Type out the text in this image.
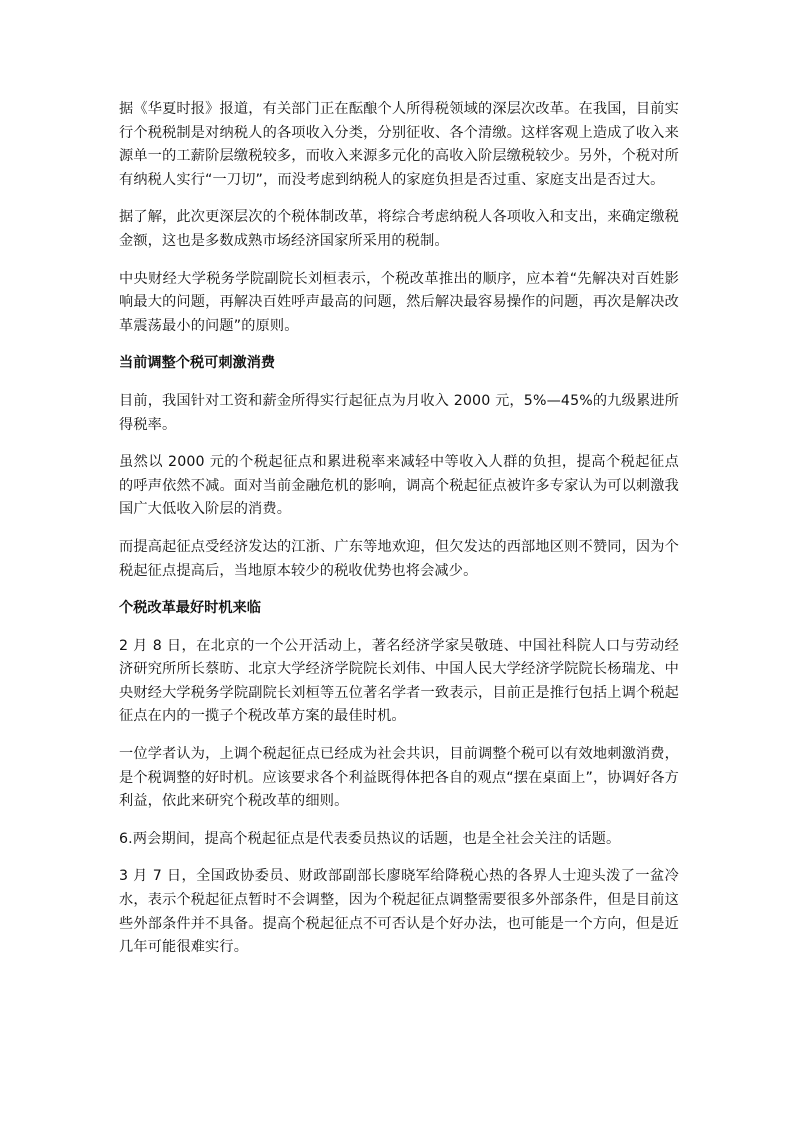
据《华夏时报》报道，有关部门正在酝酿个人所得税领域的深层次改革。在我国，目前实行个税税制是对纳税人的各项收入分类，分别征收、各个清缴。这样客观上造成了收入来源单一的工薪阶层缴税较多，而收入来源多元化的高收入阶层缴税较少。另外，个税对所有纳税人实行“一刀切”，而没考虑到纳税人的家庭负担是否过重、家庭支出是否过大。

据了解，此次更深层次的个税体制改革，将综合考虑纳税人各项收入和支出，来确定缴税金额，这也是多数成熟市场经济国家所采用的税制。

中央财经大学税务学院副院长刘桓表示，个税改革推出的顺序，应本着“先解决对百姓影响最大的问题，再解决百姓呼声最高的问题，然后解决最容易操作的问题，再次是解决改革震荡最小的问题”的原则。

当前调整个税可刺激消费

目前，我国针对工资和薪金所得实行起征点为月收入 2000 元，5%—45%的九级累进所得税率。

虽然以 2000 元的个税起征点和累进税率来减轻中等收入人群的负担，提高个税起征点的呼声依然不减。面对当前金融危机的影响，调高个税起征点被许多专家认为可以刺激我国广大低收入阶层的消费。

而提高起征点受经济发达的江浙、广东等地欢迎，但欠发达的西部地区则不赞同，因为个税起征点提高后，当地原本较少的税收优势也将会减少。

个税改革最好时机来临

2 月 8 日，在北京的一个公开活动上，著名经济学家吴敬琏、中国社科院人口与劳动经济研究所所长蔡昉、北京大学经济学院院长刘伟、中国人民大学经济学院院长杨瑞龙、中央财经大学税务学院副院长刘桓等五位著名学者一致表示，目前正是推行包括上调个税起征点在内的一揽子个税改革方案的最佳时机。

一位学者认为，上调个税起征点已经成为社会共识，目前调整个税可以有效地刺激消费，是个税调整的好时机。应该要求各个利益既得体把各自的观点“摆在桌面上”，协调好各方利益，依此来研究个税改革的细则。

6.两会期间，提高个税起征点是代表委员热议的话题，也是全社会关注的话题。

3 月 7 日，全国政协委员、财政部副部长廖晓军给降税心热的各界人士迎头泼了一盆冷水，表示个税起征点暂时不会调整，因为个税起征点调整需要很多外部条件，但是目前这些外部条件并不具备。提高个税起征点不可否认是个好办法，也可能是一个方向，但是近几年可能很难实行。
